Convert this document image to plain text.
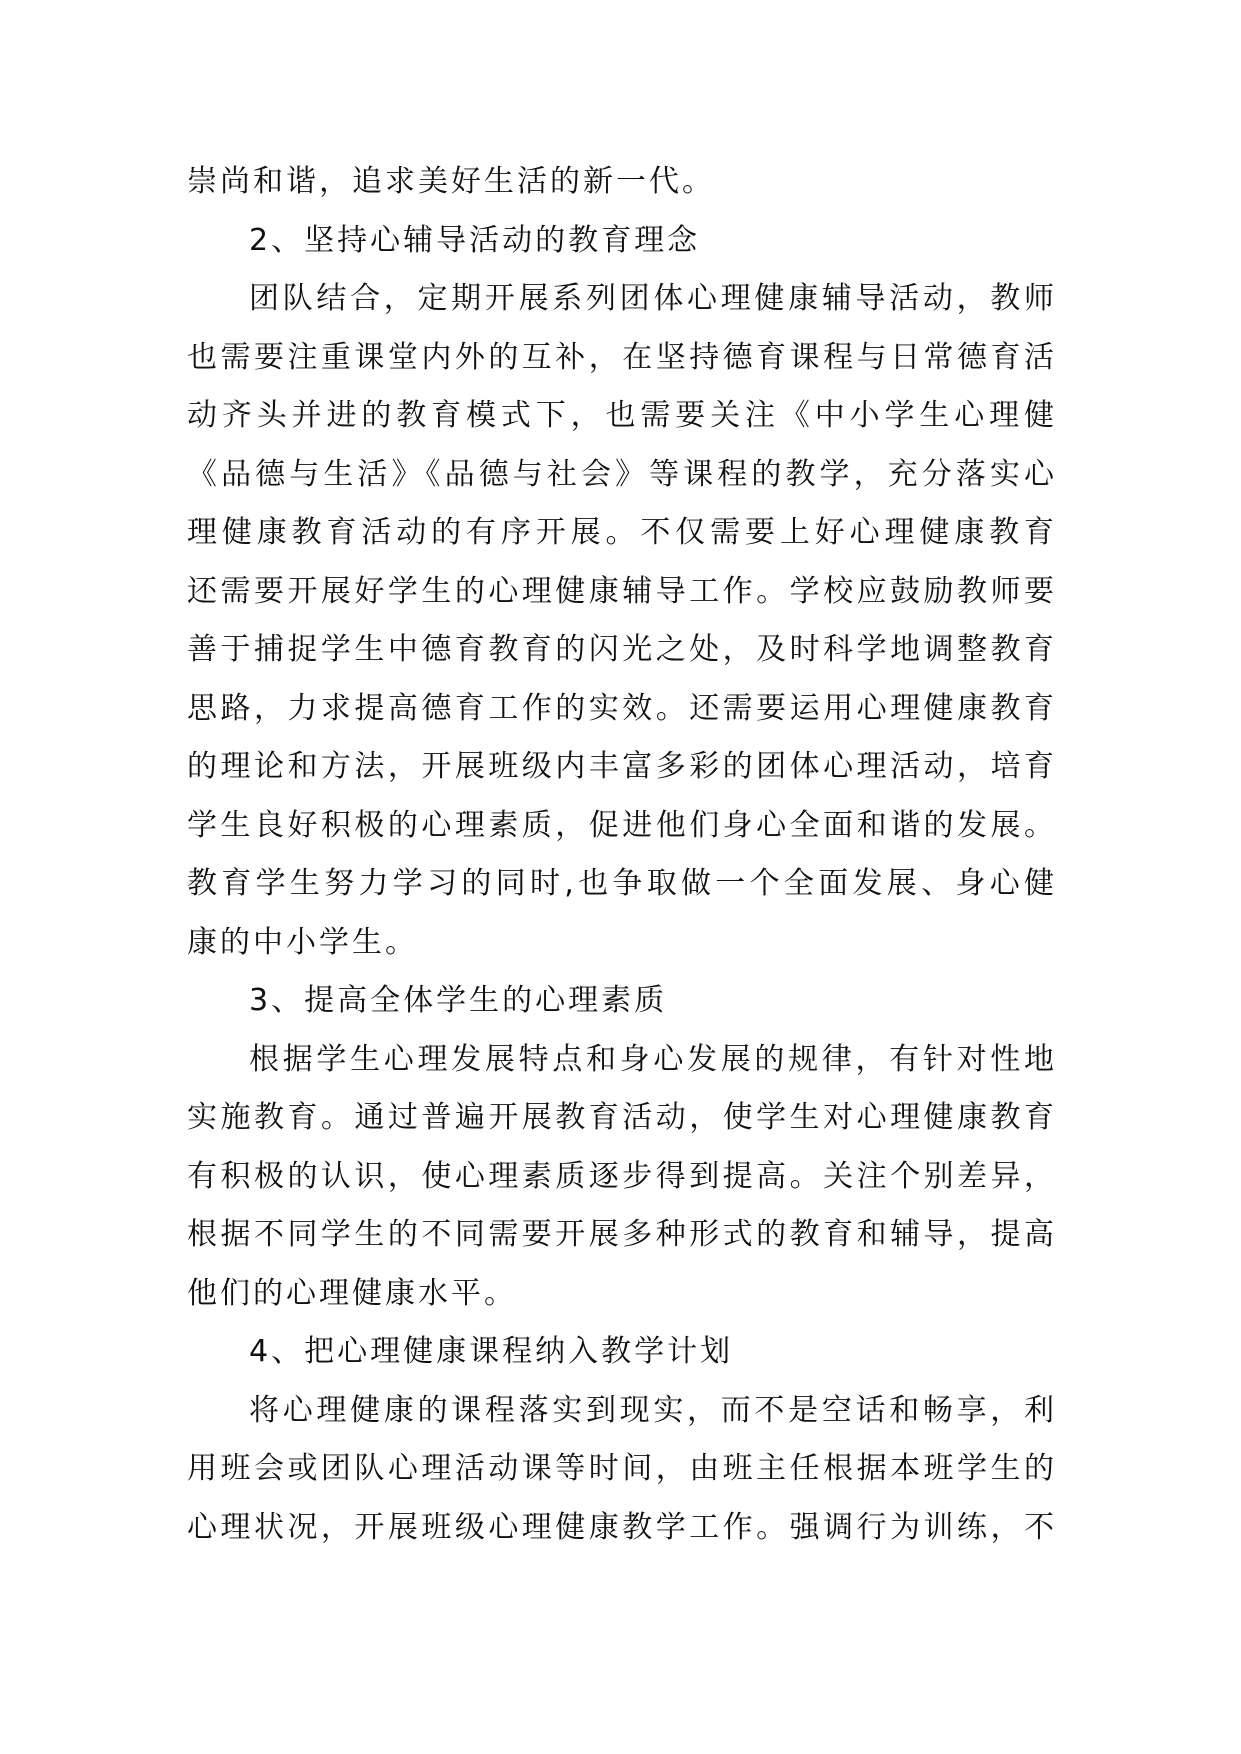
崇尚和谐，追求美好生活的新一代。
2、坚持心辅导活动的教育理念
团队结合，定期开展系列团体心理健康辅导活动，教师
也需要注重课堂内外的互补，在坚持德育课程与日常德育活
动齐头并进的教育模式下，也需要关注《中小学生心理健
《品德与生活》《品德与社会》等课程的教学，充分落实心
理健康教育活动的有序开展。不仅需要上好心理健康教育
还需要开展好学生的心理健康辅导工作。学校应鼓励教师要
善于捕捉学生中德育教育的闪光之处，及时科学地调整教育
思路，力求提高德育工作的实效。还需要运用心理健康教育
的理论和方法，开展班级内丰富多彩的团体心理活动，培育
学生良好积极的心理素质，促进他们身心全面和谐的发展。
教育学生努力学习的同时,也争取做一个全面发展、身心健
康的中小学生。
3、提高全体学生的心理素质
根据学生心理发展特点和身心发展的规律，有针对性地
实施教育。通过普遍开展教育活动，使学生对心理健康教育
有积极的认识，使心理素质逐步得到提高。关注个别差异，
根据不同学生的不同需要开展多种形式的教育和辅导，提高
他们的心理健康水平。
4、把心理健康课程纳入教学计划
将心理健康的课程落实到现实，而不是空话和畅享，利
用班会或团队心理活动课等时间，由班主任根据本班学生的
心理状况，开展班级心理健康教学工作。强调行为训练，不
